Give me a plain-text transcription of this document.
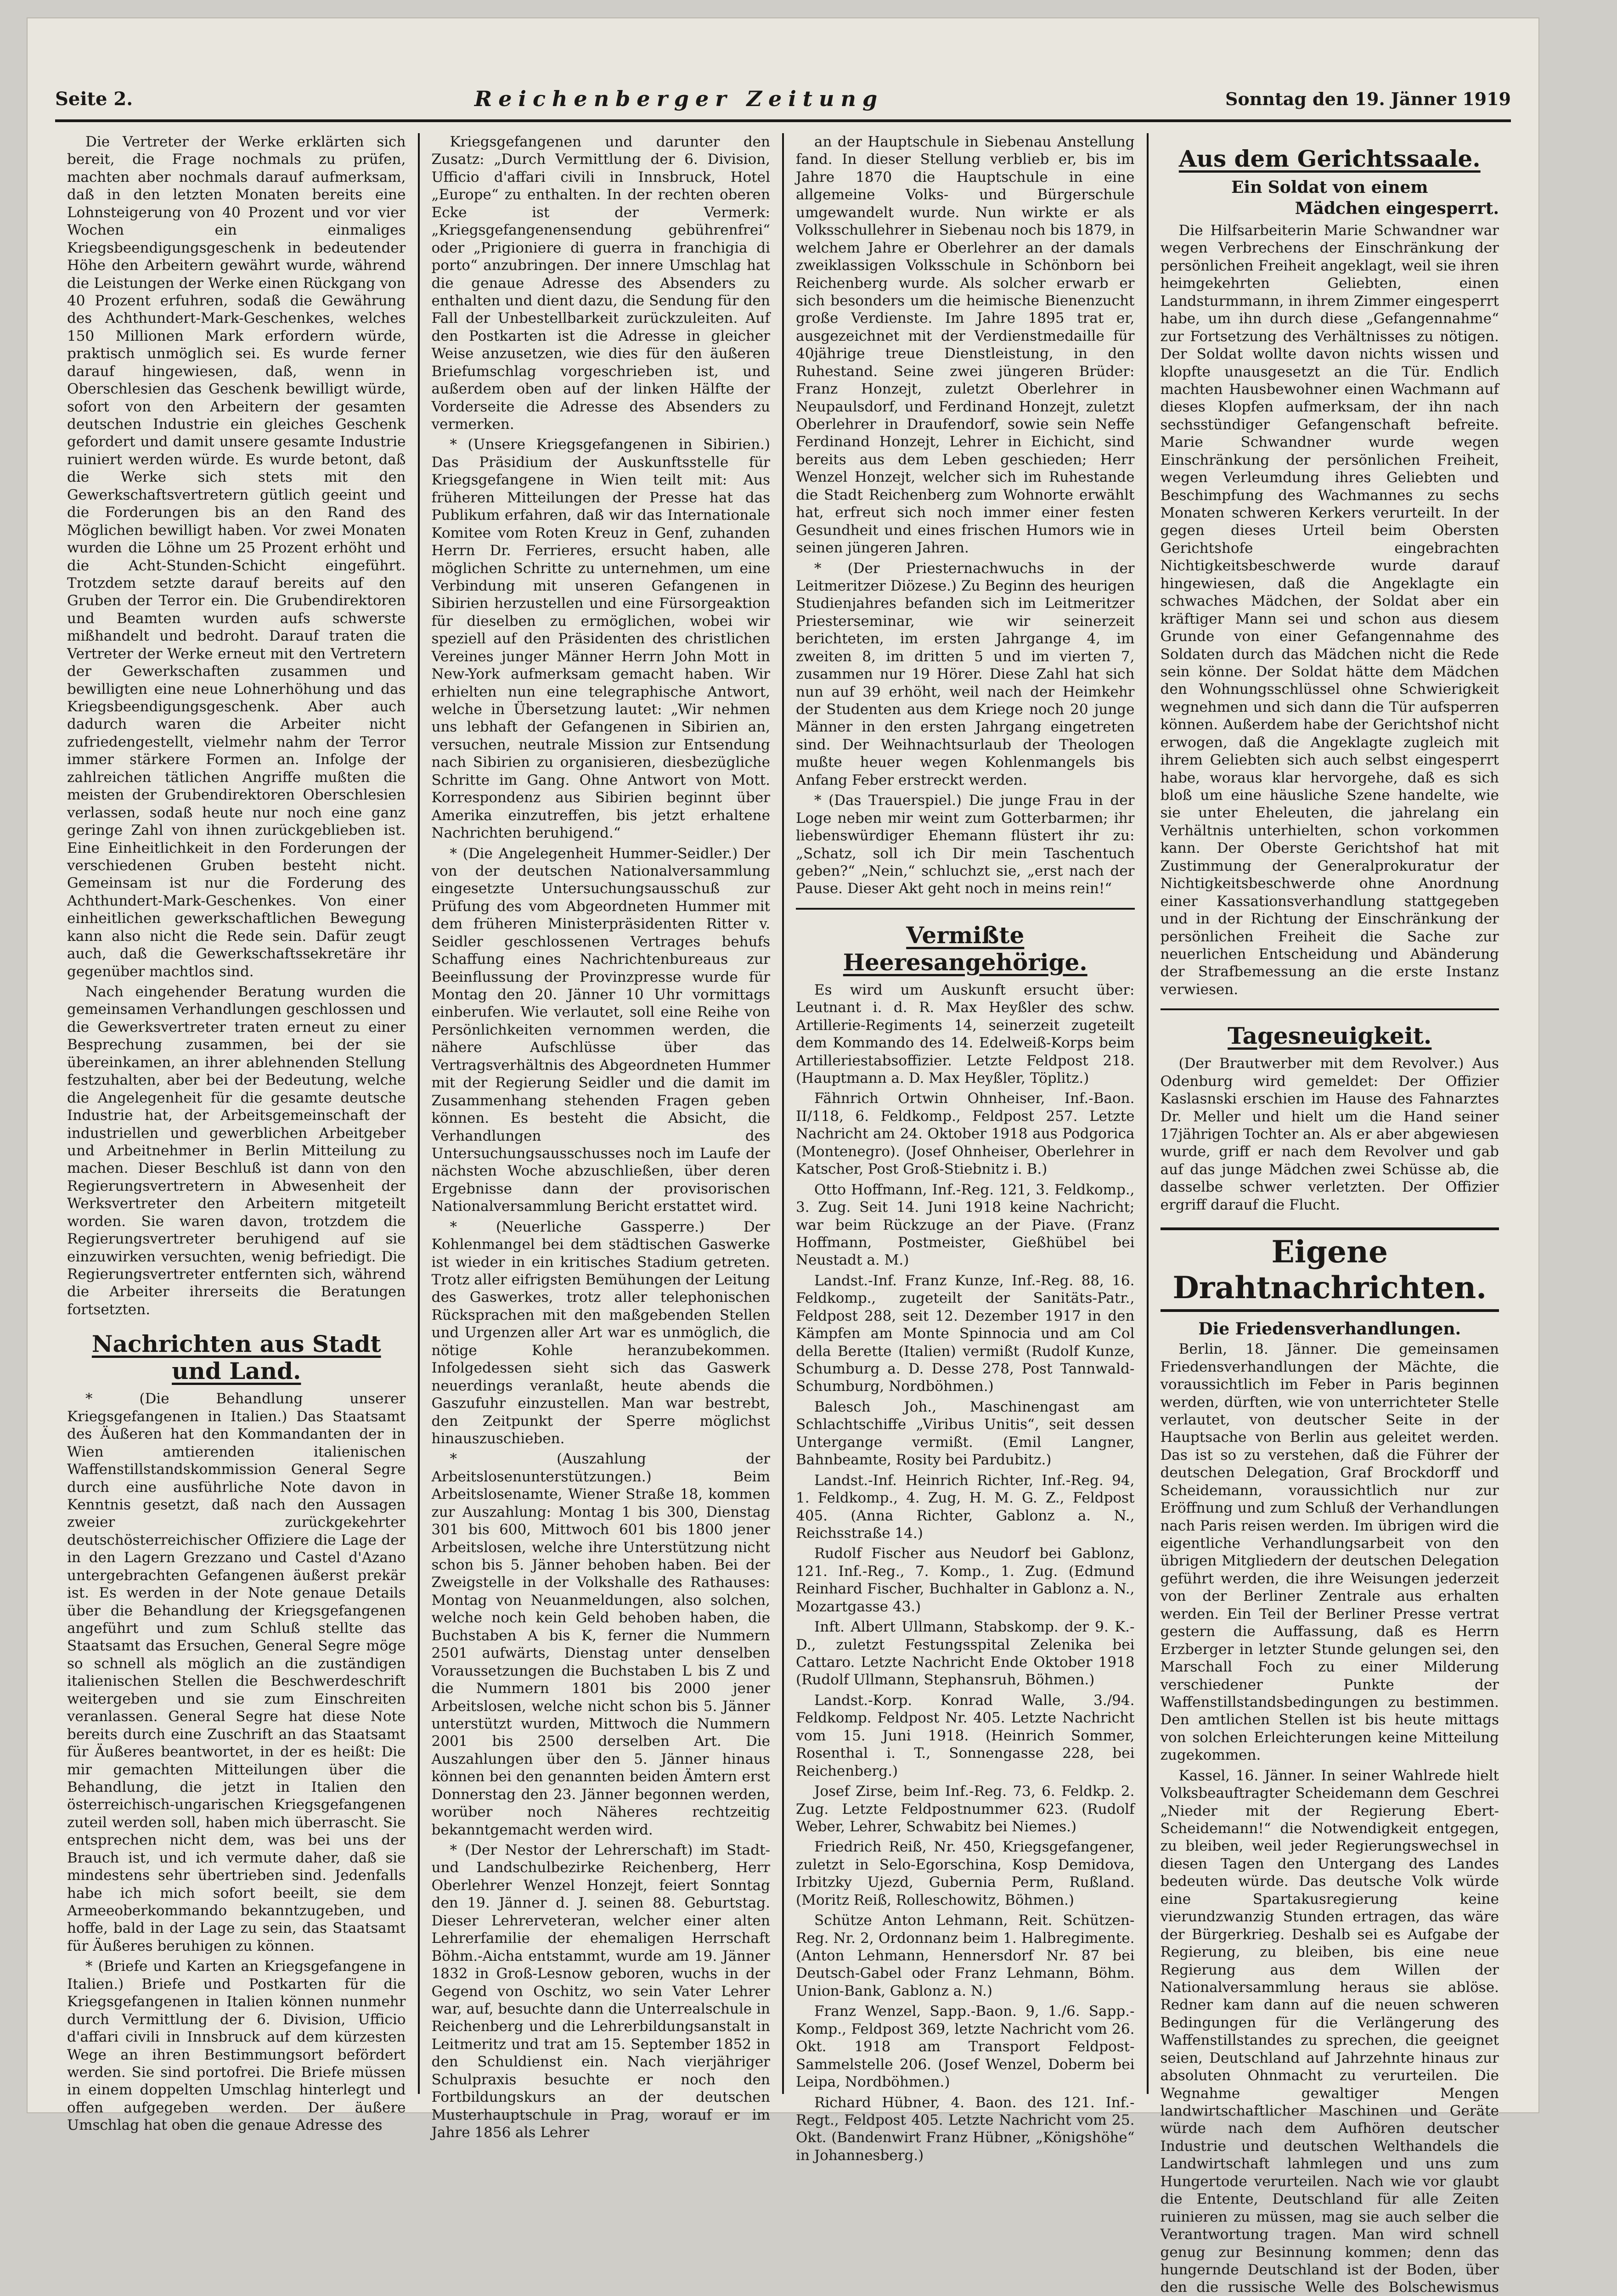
Seite 2.	Reichenberger Zeitung	Sonntag den 19. Jänner 1919

Die Vertreter der Werke erklärten sich bereit, die Frage nochmals zu prüfen, machten aber nochmals darauf aufmerksam, daß in den letzten Monaten bereits eine Lohnsteigerung von 40 Prozent und vor vier Wochen ein einmaliges Kriegsbeendigungsgeschenk in bedeutender Höhe den Arbeitern gewährt wurde, während die Leistungen der Werke einen Rückgang von 40 Prozent erfuhren, sodaß die Gewährung des Achthundert-Mark-Geschenkes, welches 150 Millionen Mark erfordern würde, praktisch unmöglich sei. Es wurde ferner darauf hingewiesen, daß, wenn in Oberschlesien das Geschenk bewilligt würde, sofort von den Arbeitern der gesamten deutschen Industrie ein gleiches Geschenk gefordert und damit unsere gesamte Industrie ruiniert werden würde. Es wurde betont, daß die Werke sich stets mit den Gewerkschaftsvertretern gütlich geeint und die Forderungen bis an den Rand des Möglichen bewilligt haben. Vor zwei Monaten wurden die Löhne um 25 Prozent erhöht und die Acht-Stunden-Schicht eingeführt. Trotzdem setzte darauf bereits auf den Gruben der Terror ein. Die Grubendirektoren und Beamten wurden aufs schwerste mißhandelt und bedroht. Darauf traten die Vertreter der Werke erneut mit den Vertretern der Gewerkschaften zusammen und bewilligten eine neue Lohnerhöhung und das Kriegsbeendigungsgeschenk. Aber auch dadurch waren die Arbeiter nicht zufriedengestellt, vielmehr nahm der Terror immer stärkere Formen an. Infolge der zahlreichen tätlichen Angriffe mußten die meisten der Grubendirektoren Oberschlesien verlassen, sodaß heute nur noch eine ganz geringe Zahl von ihnen zurückgeblieben ist. Eine Einheitlichkeit in den Forderungen der verschiedenen Gruben besteht nicht. Gemeinsam ist nur die Forderung des Achthundert-Mark-Geschenkes. Von einer einheitlichen gewerkschaftlichen Bewegung kann also nicht die Rede sein. Dafür zeugt auch, daß die Gewerkschaftssekretäre ihr gegenüber machtlos sind.

Nach eingehender Beratung wurden die gemeinsamen Verhandlungen geschlossen und die Gewerksvertreter traten erneut zu einer Besprechung zusammen, bei der sie übereinkamen, an ihrer ablehnenden Stellung festzuhalten, aber bei der Bedeutung, welche die Angelegenheit für die gesamte deutsche Industrie hat, der Arbeitsgemeinschaft der industriellen und gewerblichen Arbeitgeber und Arbeitnehmer in Berlin Mitteilung zu machen. Dieser Beschluß ist dann von den Regierungsvertretern in Abwesenheit der Werksvertreter den Arbeitern mitgeteilt worden. Sie waren davon, trotzdem die Regierungsvertreter beruhigend auf sie einzuwirken versuchten, wenig befriedigt. Die Regierungsvertreter entfernten sich, während die Arbeiter ihrerseits die Beratungen fortsetzten.

Nachrichten aus Stadt und Land.

* (Die Behandlung unserer Kriegsgefangenen in Italien.) Das Staatsamt des Äußeren hat den Kommandanten der in Wien amtierenden italienischen Waffenstillstandskommission General Segre durch eine ausführliche Note davon in Kenntnis gesetzt, daß nach den Aussagen zweier zurückgekehrter deutschösterreichischer Offiziere die Lage der in den Lagern Grezzano und Castel d'Azano untergebrachten Gefangenen äußerst prekär ist. Es werden in der Note genaue Details über die Behandlung der Kriegsgefangenen angeführt und zum Schluß stellte das Staatsamt das Ersuchen, General Segre möge so schnell als möglich an die zuständigen italienischen Stellen die Beschwerdeschrift weitergeben und sie zum Einschreiten veranlassen. General Segre hat diese Note bereits durch eine Zuschrift an das Staatsamt für Äußeres beantwortet, in der es heißt: Die mir gemachten Mitteilungen über die Behandlung, die jetzt in Italien den österreichisch-ungarischen Kriegsgefangenen zuteil werden soll, haben mich überrascht. Sie entsprechen nicht dem, was bei uns der Brauch ist, und ich vermute daher, daß sie mindestens sehr übertrieben sind. Jedenfalls habe ich mich sofort beeilt, sie dem Armeeoberkommando bekanntzugeben, und hoffe, bald in der Lage zu sein, das Staatsamt für Äußeres beruhigen zu können.

* (Briefe und Karten an Kriegsgefangene in Italien.) Briefe und Postkarten für die Kriegsgefangenen in Italien können nunmehr durch Vermittlung der 6. Division, Ufficio d'affari civili in Innsbruck auf dem kürzesten Wege an ihren Bestimmungsort befördert werden. Sie sind portofrei. Die Briefe müssen in einem doppelten Umschlag hinterlegt und offen aufgegeben werden. Der äußere Umschlag hat oben die genaue Adresse des

Kriegsgefangenen und darunter den Zusatz: „Durch Vermittlung der 6. Division, Ufficio d'affari civili in Innsbruck, Hotel „Europe“ zu enthalten. In der rechten oberen Ecke ist der Vermerk: „Kriegsgefangenensendung gebührenfrei“ oder „Prigioniere di guerra in franchigia di porto“ anzubringen. Der innere Umschlag hat die genaue Adresse des Absenders zu enthalten und dient dazu, die Sendung für den Fall der Unbestellbarkeit zurückzuleiten. Auf den Postkarten ist die Adresse in gleicher Weise anzusetzen, wie dies für den äußeren Briefumschlag vorgeschrieben ist, und außerdem oben auf der linken Hälfte der Vorderseite die Adresse des Absenders zu vermerken.

* (Unsere Kriegsgefangenen in Sibirien.) Das Präsidium der Auskunftsstelle für Kriegsgefangene in Wien teilt mit: Aus früheren Mitteilungen der Presse hat das Publikum erfahren, daß wir das Internationale Komitee vom Roten Kreuz in Genf, zuhanden Herrn Dr. Ferrieres, ersucht haben, alle möglichen Schritte zu unternehmen, um eine Verbindung mit unseren Gefangenen in Sibirien herzustellen und eine Fürsorgeaktion für dieselben zu ermöglichen, wobei wir speziell auf den Präsidenten des christlichen Vereines junger Männer Herrn John Mott in New-York aufmerksam gemacht haben. Wir erhielten nun eine telegraphische Antwort, welche in Übersetzung lautet: „Wir nehmen uns lebhaft der Gefangenen in Sibirien an, versuchen, neutrale Mission zur Entsendung nach Sibirien zu organisieren, diesbezügliche Schritte im Gang. Ohne Antwort von Mott. Korrespondenz aus Sibirien beginnt über Amerika einzutreffen, bis jetzt erhaltene Nachrichten beruhigend.“

* (Die Angelegenheit Hummer-Seidler.) Der von der deutschen Nationalversammlung eingesetzte Untersuchungsausschuß zur Prüfung des vom Abgeordneten Hummer mit dem früheren Ministerpräsidenten Ritter v. Seidler geschlossenen Vertrages behufs Schaffung eines Nachrichtenbureaus zur Beeinflussung der Provinzpresse wurde für Montag den 20. Jänner 10 Uhr vormittags einberufen. Wie verlautet, soll eine Reihe von Persönlichkeiten vernommen werden, die nähere Aufschlüsse über das Vertragsverhältnis des Abgeordneten Hummer mit der Regierung Seidler und die damit im Zusammenhang stehenden Fragen geben können. Es besteht die Absicht, die Verhandlungen des Untersuchungsausschusses noch im Laufe der nächsten Woche abzuschließen, über deren Ergebnisse dann der provisorischen Nationalversammlung Bericht erstattet wird.

* (Neuerliche Gassperre.) Der Kohlenmangel bei dem städtischen Gaswerke ist wieder in ein kritisches Stadium getreten. Trotz aller eifrigsten Bemühungen der Leitung des Gaswerkes, trotz aller telephonischen Rücksprachen mit den maßgebenden Stellen und Urgenzen aller Art war es unmöglich, die nötige Kohle heranzubekommen. Infolgedessen sieht sich das Gaswerk neuerdings veranlaßt, heute abends die Gaszufuhr einzustellen. Man war bestrebt, den Zeitpunkt der Sperre möglichst hinauszuschieben.

* (Auszahlung der Arbeitslosenunterstützungen.) Beim Arbeitslosenamte, Wiener Straße 18, kommen zur Auszahlung: Montag 1 bis 300, Dienstag 301 bis 600, Mittwoch 601 bis 1800 jener Arbeitslosen, welche ihre Unterstützung nicht schon bis 5. Jänner behoben haben. Bei der Zweigstelle in der Volkshalle des Rathauses: Montag von Neuanmeldungen, also solchen, welche noch kein Geld behoben haben, die Buchstaben A bis K, ferner die Nummern 2501 aufwärts, Dienstag unter denselben Voraussetzungen die Buchstaben L bis Z und die Nummern 1801 bis 2000 jener Arbeitslosen, welche nicht schon bis 5. Jänner unterstützt wurden, Mittwoch die Nummern 2001 bis 2500 derselben Art. Die Auszahlungen über den 5. Jänner hinaus können bei den genannten beiden Ämtern erst Donnerstag den 23. Jänner begonnen werden, worüber noch Näheres rechtzeitig bekanntgemacht werden wird.

* (Der Nestor der Lehrerschaft) im Stadt- und Landschulbezirke Reichenberg, Herr Oberlehrer Wenzel Honzejt, feiert Sonntag den 19. Jänner d. J. seinen 88. Geburtstag. Dieser Lehrerveteran, welcher einer alten Lehrerfamilie der ehemaligen Herrschaft Böhm.-Aicha entstammt, wurde am 19. Jänner 1832 in Groß-Lesnow geboren, wuchs in der Gegend von Oschitz, wo sein Vater Lehrer war, auf, besuchte dann die Unterrealschule in Reichenberg und die Lehrerbildungsanstalt in Leitmeritz und trat am 15. September 1852 in den Schuldienst ein. Nach vierjähriger Schulpraxis besuchte er noch den Fortbildungskurs an der deutschen Musterhauptschule in Prag, worauf er im Jahre 1856 als Lehrer

an der Hauptschule in Siebenau Anstellung fand. In dieser Stellung verblieb er, bis im Jahre 1870 die Hauptschule in eine allgemeine Volks- und Bürgerschule umgewandelt wurde. Nun wirkte er als Volksschullehrer in Siebenau noch bis 1879, in welchem Jahre er Oberlehrer an der damals zweiklassigen Volksschule in Schönborn bei Reichenberg wurde. Als solcher erwarb er sich besonders um die heimische Bienenzucht große Verdienste. Im Jahre 1895 trat er, ausgezeichnet mit der Verdienstmedaille für 40jährige treue Dienstleistung, in den Ruhestand. Seine zwei jüngeren Brüder: Franz Honzejt, zuletzt Oberlehrer in Neupaulsdorf, und Ferdinand Honzejt, zuletzt Oberlehrer in Draufendorf, sowie sein Neffe Ferdinand Honzejt, Lehrer in Eichicht, sind bereits aus dem Leben geschieden; Herr Wenzel Honzejt, welcher sich im Ruhestande die Stadt Reichenberg zum Wohnorte erwählt hat, erfreut sich noch immer einer festen Gesundheit und eines frischen Humors wie in seinen jüngeren Jahren.

* (Der Priesternachwuchs in der Leitmeritzer Diözese.) Zu Beginn des heurigen Studienjahres befanden sich im Leitmeritzer Priesterseminar, wie wir seinerzeit berichteten, im ersten Jahrgange 4, im zweiten 8, im dritten 5 und im vierten 7, zusammen nur 19 Hörer. Diese Zahl hat sich nun auf 39 erhöht, weil nach der Heimkehr der Studenten aus dem Kriege noch 20 junge Männer in den ersten Jahrgang eingetreten sind. Der Weihnachtsurlaub der Theologen mußte heuer wegen Kohlenmangels bis Anfang Feber erstreckt werden.

* (Das Trauerspiel.) Die junge Frau in der Loge neben mir weint zum Gotterbarmen; ihr liebenswürdiger Ehemann flüstert ihr zu: „Schatz, soll ich Dir mein Taschentuch geben?“ „Nein,“ schluchzt sie, „erst nach der Pause. Dieser Akt geht noch in meins rein!“

Vermißte Heeresangehörige.

Es wird um Auskunft ersucht über: Leutnant i. d. R. Max Heyßler des schw. Artillerie-Regiments 14, seinerzeit zugeteilt dem Kommando des 14. Edelweiß-Korps beim Artilleriestabsoffizier. Letzte Feldpost 218. (Hauptmann a. D. Max Heyßler, Töplitz.)

Fähnrich Ortwin Ohnheiser, Inf.-Baon. II/118, 6. Feldkomp., Feldpost 257. Letzte Nachricht am 24. Oktober 1918 aus Podgorica (Montenegro). (Josef Ohnheiser, Oberlehrer in Katscher, Post Groß-Stiebnitz i. B.)

Otto Hoffmann, Inf.-Reg. 121, 3. Feldkomp., 3. Zug. Seit 14. Juni 1918 keine Nachricht; war beim Rückzuge an der Piave. (Franz Hoffmann, Postmeister, Gießhübel bei Neustadt a. M.)

Landst.-Inf. Franz Kunze, Inf.-Reg. 88, 16. Feldkomp., zugeteilt der Sanitäts-Patr., Feldpost 288, seit 12. Dezember 1917 in den Kämpfen am Monte Spinnocia und am Col della Berette (Italien) vermißt (Rudolf Kunze, Schumburg a. D. Desse 278, Post Tannwald-Schumburg, Nordböhmen.)

Balesch Joh., Maschinengast am Schlachtschiffe „Viribus Unitis“, seit dessen Untergange vermißt. (Emil Langner, Bahnbeamte, Rosity bei Pardubitz.)

Landst.-Inf. Heinrich Richter, Inf.-Reg. 94, 1. Feldkomp., 4. Zug, H. M. G. Z., Feldpost 405. (Anna Richter, Gablonz a. N., Reichsstraße 14.)

Rudolf Fischer aus Neudorf bei Gablonz, 121. Inf.-Reg., 7. Komp., 1. Zug. (Edmund Reinhard Fischer, Buchhalter in Gablonz a. N., Mozartgasse 43.)

Inft. Albert Ullmann, Stabskomp. der 9. K.-D., zuletzt Festungsspital Zelenika bei Cattaro. Letzte Nachricht Ende Oktober 1918 (Rudolf Ullmann, Stephansruh, Böhmen.)

Landst.-Korp. Konrad Walle, 3./94. Feldkomp. Feldpost Nr. 405. Letzte Nachricht vom 15. Juni 1918. (Heinrich Sommer, Rosenthal i. T., Sonnengasse 228, bei Reichenberg.)

Josef Zirse, beim Inf.-Reg. 73, 6. Feldkp. 2. Zug. Letzte Feldpostnummer 623. (Rudolf Weber, Lehrer, Schwabitz bei Niemes.)

Friedrich Reiß, Nr. 450, Kriegsgefangener, zuletzt in Selo-Egorschina, Kosp Demidova, Irbitzky Ujezd, Gubernia Perm, Rußland. (Moritz Reiß, Rolleschowitz, Böhmen.)

Schütze Anton Lehmann, Reit. Schützen-Reg. Nr. 2, Ordonnanz beim 1. Halbregimente. (Anton Lehmann, Hennersdorf Nr. 87 bei Deutsch-Gabel oder Franz Lehmann, Böhm. Union-Bank, Gablonz a. N.)

Franz Wenzel, Sapp.-Baon. 9, 1./6. Sapp.-Komp., Feldpost 369, letzte Nachricht vom 26. Okt. 1918 am Transport Feldpost-Sammelstelle 206. (Josef Wenzel, Doberm bei Leipa, Nordböhmen.)

Richard Hübner, 4. Baon. des 121. Inf.-Regt., Feldpost 405. Letzte Nachricht vom 25. Okt. (Bandenwirt Franz Hübner, „Königshöhe“ in Johannesberg.)

Aus dem Gerichtssaale.
Ein Soldat von einem
Mädchen eingesperrt.

Die Hilfsarbeiterin Marie Schwandner war wegen Verbrechens der Einschränkung der persönlichen Freiheit angeklagt, weil sie ihren heimgekehrten Geliebten, einen Landsturmmann, in ihrem Zimmer eingesperrt habe, um ihn durch diese „Gefangennahme“ zur Fortsetzung des Verhältnisses zu nötigen. Der Soldat wollte davon nichts wissen und klopfte unausgesetzt an die Tür. Endlich machten Hausbewohner einen Wachmann auf dieses Klopfen aufmerksam, der ihn nach sechsstündiger Gefangenschaft befreite. Marie Schwandner wurde wegen Einschränkung der persönlichen Freiheit, wegen Verleumdung ihres Geliebten und Beschimpfung des Wachmannes zu sechs Monaten schweren Kerkers verurteilt. In der gegen dieses Urteil beim Obersten Gerichtshofe eingebrachten Nichtigkeitsbeschwerde wurde darauf hingewiesen, daß die Angeklagte ein schwaches Mädchen, der Soldat aber ein kräftiger Mann sei und schon aus diesem Grunde von einer Gefangennahme des Soldaten durch das Mädchen nicht die Rede sein könne. Der Soldat hätte dem Mädchen den Wohnungsschlüssel ohne Schwierigkeit wegnehmen und sich dann die Tür aufsperren können. Außerdem habe der Gerichtshof nicht erwogen, daß die Angeklagte zugleich mit ihrem Geliebten sich auch selbst eingesperrt habe, woraus klar hervorgehe, daß es sich bloß um eine häusliche Szene handelte, wie sie unter Eheleuten, die jahrelang ein Verhältnis unterhielten, schon vorkommen kann. Der Oberste Gerichtshof hat mit Zustimmung der Generalprokuratur der Nichtigkeitsbeschwerde ohne Anordnung einer Kassationsverhandlung stattgegeben und in der Richtung der Einschränkung der persönlichen Freiheit die Sache zur neuerlichen Entscheidung und Abänderung der Strafbemessung an die erste Instanz verwiesen.

Tagesneuigkeit.

(Der Brautwerber mit dem Revolver.) Aus Odenburg wird gemeldet: Der Offizier Kaslasnski erschien im Hause des Fahnarztes Dr. Meller und hielt um die Hand seiner 17jährigen Tochter an. Als er aber abgewiesen wurde, griff er nach dem Revolver und gab auf das junge Mädchen zwei Schüsse ab, die dasselbe schwer verletzten. Der Offizier ergriff darauf die Flucht.

Eigene Drahtnachrichten.
Die Friedensverhandlungen.

Berlin, 18. Jänner. Die gemeinsamen Friedensverhandlungen der Mächte, die voraussichtlich im Feber in Paris beginnen werden, dürften, wie von unterrichteter Stelle verlautet, von deutscher Seite in der Hauptsache von Berlin aus geleitet werden. Das ist so zu verstehen, daß die Führer der deutschen Delegation, Graf Brockdorff und Scheidemann, voraussichtlich nur zur Eröffnung und zum Schluß der Verhandlungen nach Paris reisen werden. Im übrigen wird die eigentliche Verhandlungsarbeit von den übrigen Mitgliedern der deutschen Delegation geführt werden, die ihre Weisungen jederzeit von der Berliner Zentrale aus erhalten werden. Ein Teil der Berliner Presse vertrat gestern die Auffassung, daß es Herrn Erzberger in letzter Stunde gelungen sei, den Marschall Foch zu einer Milderung verschiedener Punkte der Waffenstillstandsbedingungen zu bestimmen. Den amtlichen Stellen ist bis heute mittags von solchen Erleichterungen keine Mitteilung zugekommen.

Kassel, 16. Jänner. In seiner Wahlrede hielt Volksbeauftragter Scheidemann dem Geschrei „Nieder mit der Regierung Ebert-Scheidemann!“ die Notwendigkeit entgegen, zu bleiben, weil jeder Regierungswechsel in diesen Tagen den Untergang des Landes bedeuten würde. Das deutsche Volk würde eine Spartakusregierung keine vierundzwanzig Stunden ertragen, das wäre der Bürgerkrieg. Deshalb sei es Aufgabe der Regierung, zu bleiben, bis eine neue Regierung aus dem Willen der Nationalversammlung heraus sie ablöse. Redner kam dann auf die neuen schweren Bedingungen für die Verlängerung des Waffenstillstandes zu sprechen, die geeignet seien, Deutschland auf Jahrzehnte hinaus zur absoluten Ohnmacht zu verurteilen. Die Wegnahme gewaltiger Mengen landwirtschaftlicher Maschinen und Geräte würde nach dem Aufhören deutscher Industrie und deutschen Welthandels die Landwirtschaft lahmlegen und uns zum Hungertode verurteilen. Nach wie vor glaubt die Entente, Deutschland für alle Zeiten ruinieren zu müssen, mag sie auch selber die Verantwortung tragen. Man wird schnell genug zur Besinnung kommen; denn das hungernde Deutschland ist der Boden, über den die russische Welle des Bolschewismus
